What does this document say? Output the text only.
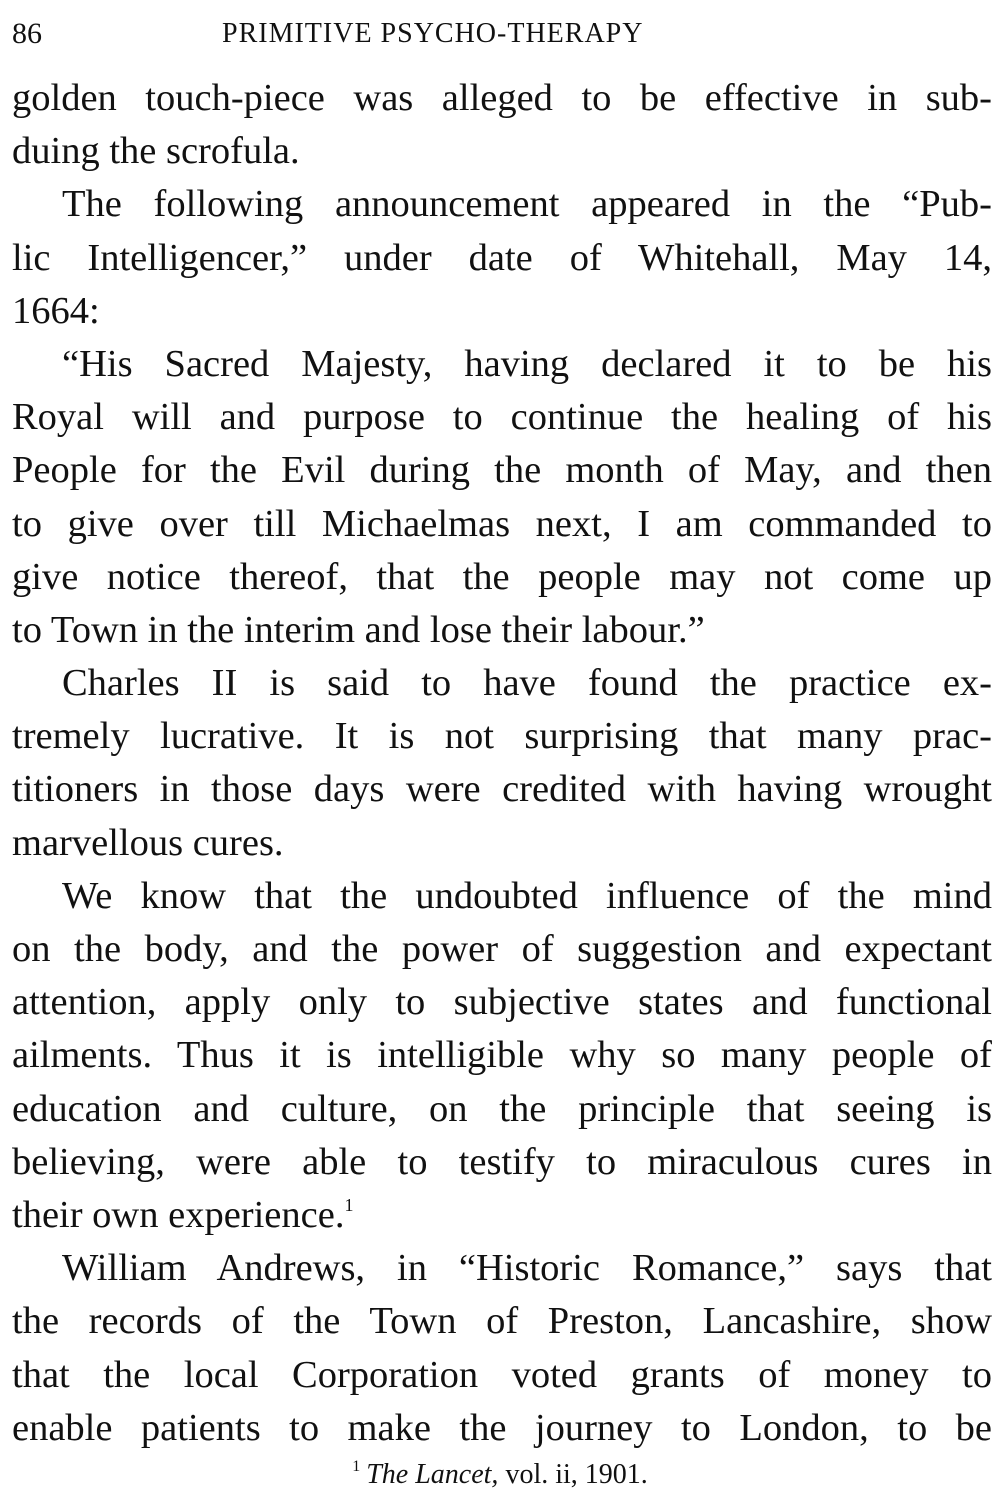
86	PRIMITIVE PSYCHO-THERAPY
golden touch-piece was alleged to be effective in sub-
duing the scrofula.
The following announcement appeared in the “Pub-
lic Intelligencer,” under date of Whitehall, May 14,
1664:
“His Sacred Majesty, having declared it to be his
Royal will and purpose to continue the healing of his
People for the Evil during the month of May, and then
to give over till Michaelmas next, I am commanded to
give notice thereof, that the people may not come up
to Town in the interim and lose their labour.”
Charles II is said to have found the practice ex-
tremely lucrative. It is not surprising that many prac-
titioners in those days were credited with having wrought
marvellous cures.
We know that the undoubted influence of the mind
on the body, and the power of suggestion and expectant
attention, apply only to subjective states and functional
ailments. Thus it is intelligible why so many people of
education and culture, on the principle that seeing is
believing, were able to testify to miraculous cures in
their own experience.$^1$
William Andrews, in “Historic Romance,” says that
the records of the Town of Preston, Lancashire, show
that the local Corporation voted grants of money to
enable patients to make the journey to London, to be
$^1$ The Lancet, vol. ii, 1901.
